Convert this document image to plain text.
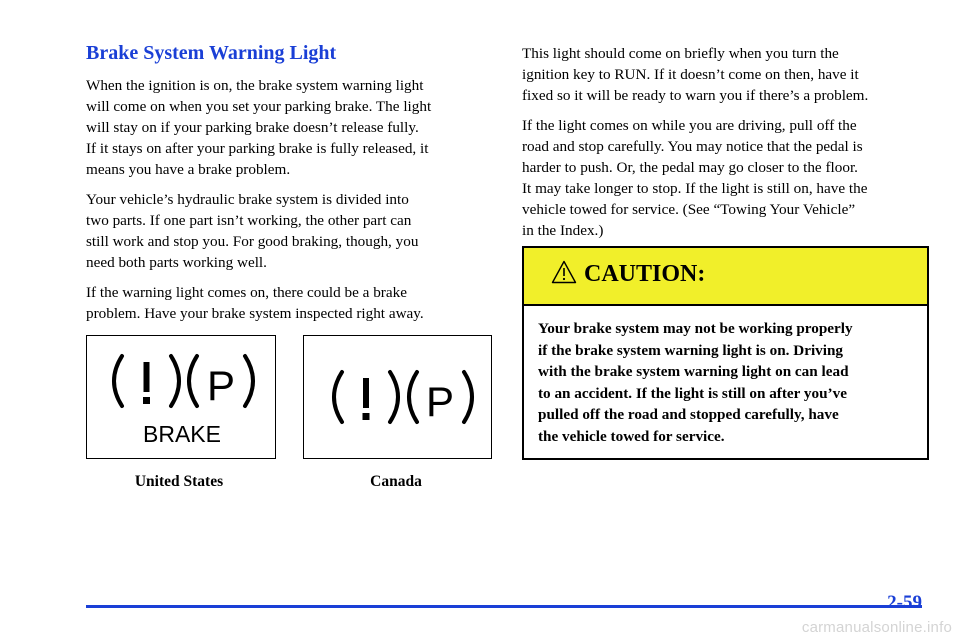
Brake System Warning Light

When the ignition is on, the brake system warning light
will come on when you set your parking brake. The light
will stay on if your parking brake doesn’t release fully.
If it stays on after your parking brake is fully released, it
means you have a brake problem.

Your vehicle’s hydraulic brake system is divided into
two parts. If one part isn’t working, the other part can
still work and stop you. For good braking, though, you
need both parts working well.

If the warning light comes on, there could be a brake
problem. Have your brake system inspected right away.

P
BRAKE
P
United States	Canada

This light should come on briefly when you turn the
ignition key to RUN. If it doesn’t come on then, have it
fixed so it will be ready to warn you if there’s a problem.

If the light comes on while you are driving, pull off the
road and stop carefully. You may notice that the pedal is
harder to push. Or, the pedal may go closer to the floor.
It may take longer to stop. If the light is still on, have the
vehicle towed for service. (See “Towing Your Vehicle”
in the Index.)

CAUTION:
Your brake system may not be working properly
if the brake system warning light is on. Driving
with the brake system warning light on can lead
to an accident. If the light is still on after you’ve
pulled off the road and stopped carefully, have
the vehicle towed for service.
2-59
carmanualsonline.info
